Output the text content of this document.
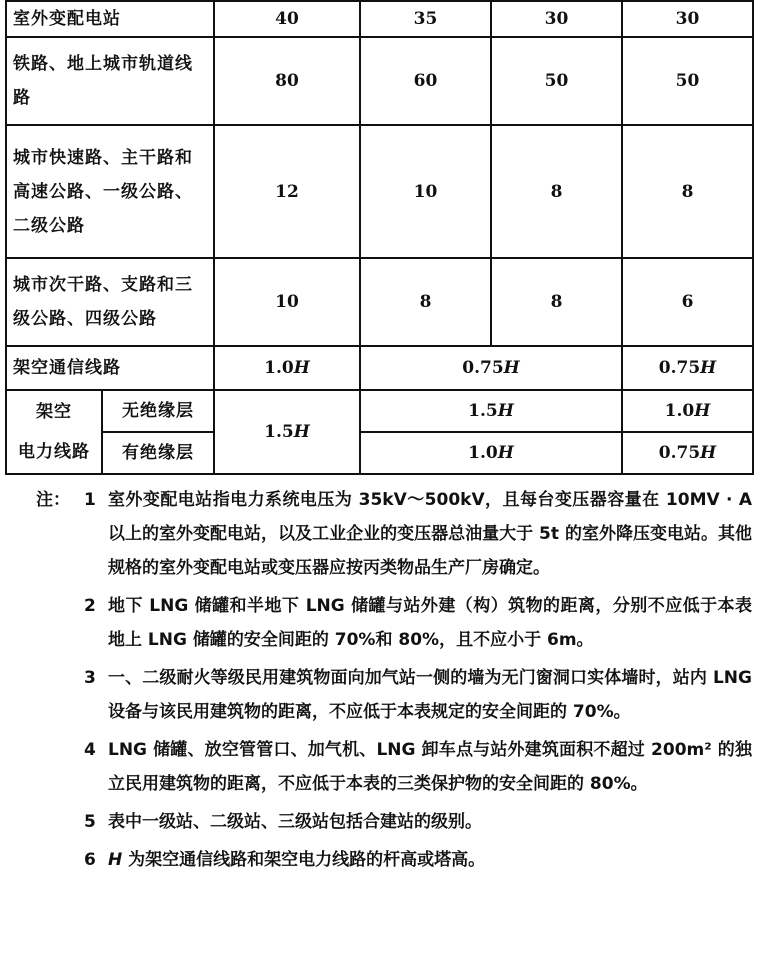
室外变配电站		40	35	30	30
铁路、地上城市轨道线路		80	60	50	50
城市快速路、主干路和高速公路、一级公路、二级公路		12	10	8	8
城市次干路、支路和三级公路、四级公路		10	8	8	6
架空通信线路		1.0H	0.75H		0.75H

架空
电力线路	无绝缘层	1.5H	1.5H		1.0H
	有绝缘层		1.0H		0.75H
注： 1 室外变配电站指电力系统电压为 35kV～500kV，且每台变压器容量在 10MV · A 以上的室外变配电站，以及工业企业的变压器总油量大于 5t 的室外降压变电站。其他规格的室外变配电站或变压器应按丙类物品生产厂房确定。
2 地下 LNG 储罐和半地下 LNG 储罐与站外建（构）筑物的距离，分别不应低于本表地上 LNG 储罐的安全间距的 70%和 80%，且不应小于 6m。
3 一、二级耐火等级民用建筑物面向加气站一侧的墙为无门窗洞口实体墙时，站内 LNG 设备与该民用建筑物的距离，不应低于本表规定的安全间距的 70%。
4 LNG 储罐、放空管管口、加气机、LNG 卸车点与站外建筑面积不超过 200m² 的独立民用建筑物的距离，不应低于本表的三类保护物的安全间距的 80%。
5 表中一级站、二级站、三级站包括合建站的级别。
6 H 为架空通信线路和架空电力线路的杆高或塔高。
